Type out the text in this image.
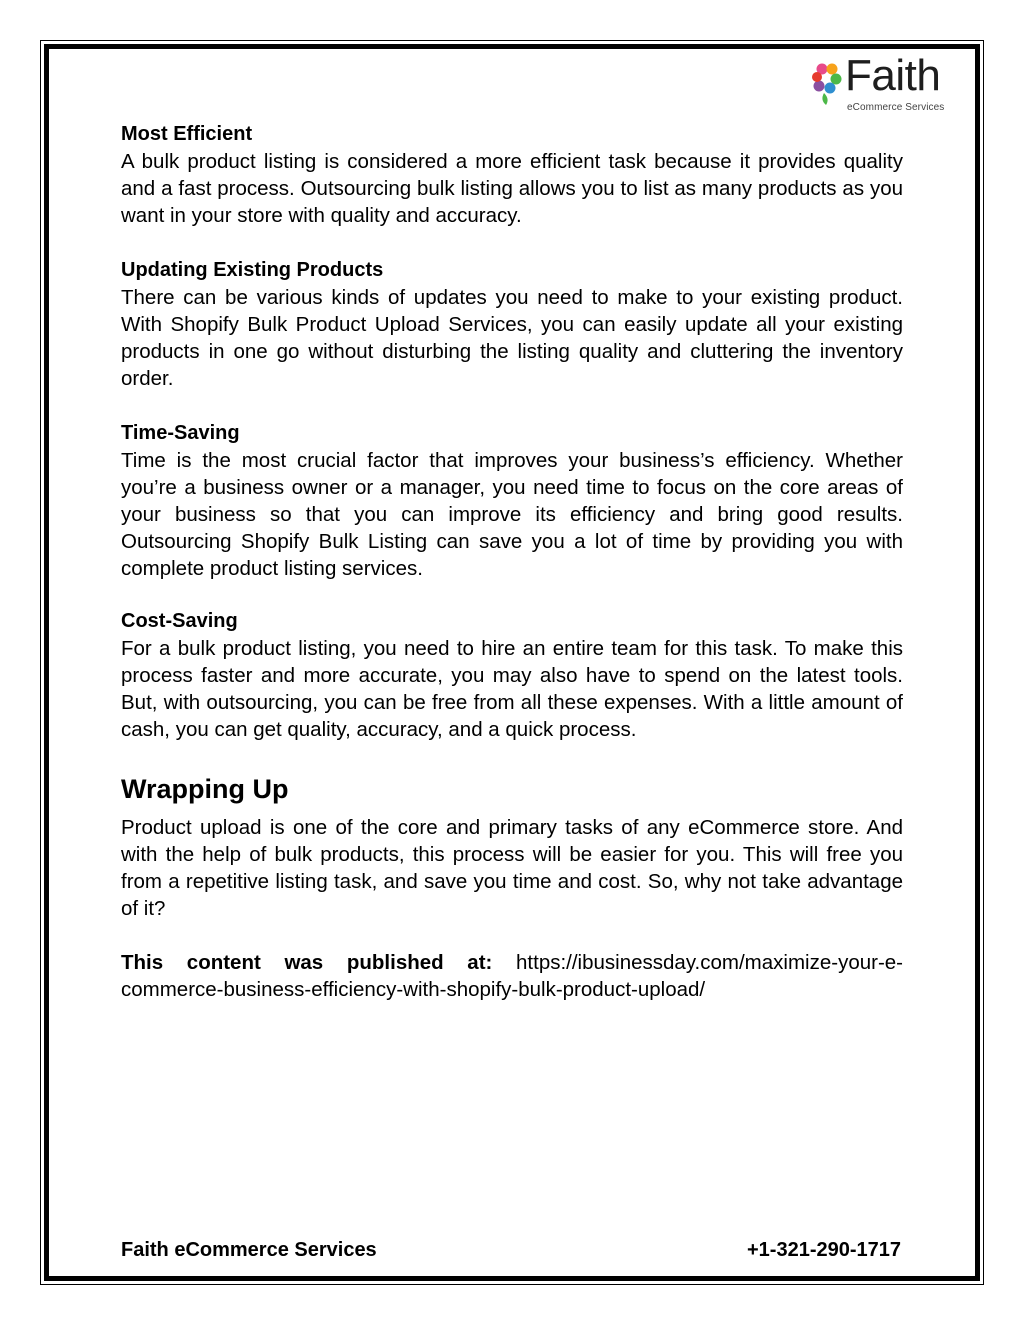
Faith
eCommerce Services
Most Efficient

A bulk product listing is considered a more efficient task because it provides quality and a fast process. Outsourcing bulk listing allows you to list as many products as you want in your store with quality and accuracy.

Updating Existing Products

There can be various kinds of updates you need to make to your existing product. With Shopify Bulk Product Upload Services, you can easily update all your existing products in one go without disturbing the listing quality and cluttering the inventory order.

Time-Saving

Time is the most crucial factor that improves your business’s efficiency. Whether you’re a business owner or a manager, you need time to focus on the core areas of your business so that you can improve its efficiency and bring good results. Outsourcing Shopify Bulk Listing can save you a lot of time by providing you with complete product listing services.

Cost-Saving

For a bulk product listing, you need to hire an entire team for this task. To make this process faster and more accurate, you may also have to spend on the latest tools. But, with outsourcing, you can be free from all these expenses. With a little amount of cash, you can get quality, accuracy, and a quick process.

Wrapping Up

Product upload is one of the core and primary tasks of any eCommerce store. And with the help of bulk products, this process will be easier for you. This will free you from a repetitive listing task, and save you time and cost. So, why not take advantage of it?

This content was published at: https://ibusinessday.com/maximize-your-e-commerce-business-efficiency-with-shopify-bulk-product-upload/

Faith eCommerce Services	+1-321-290-1717
